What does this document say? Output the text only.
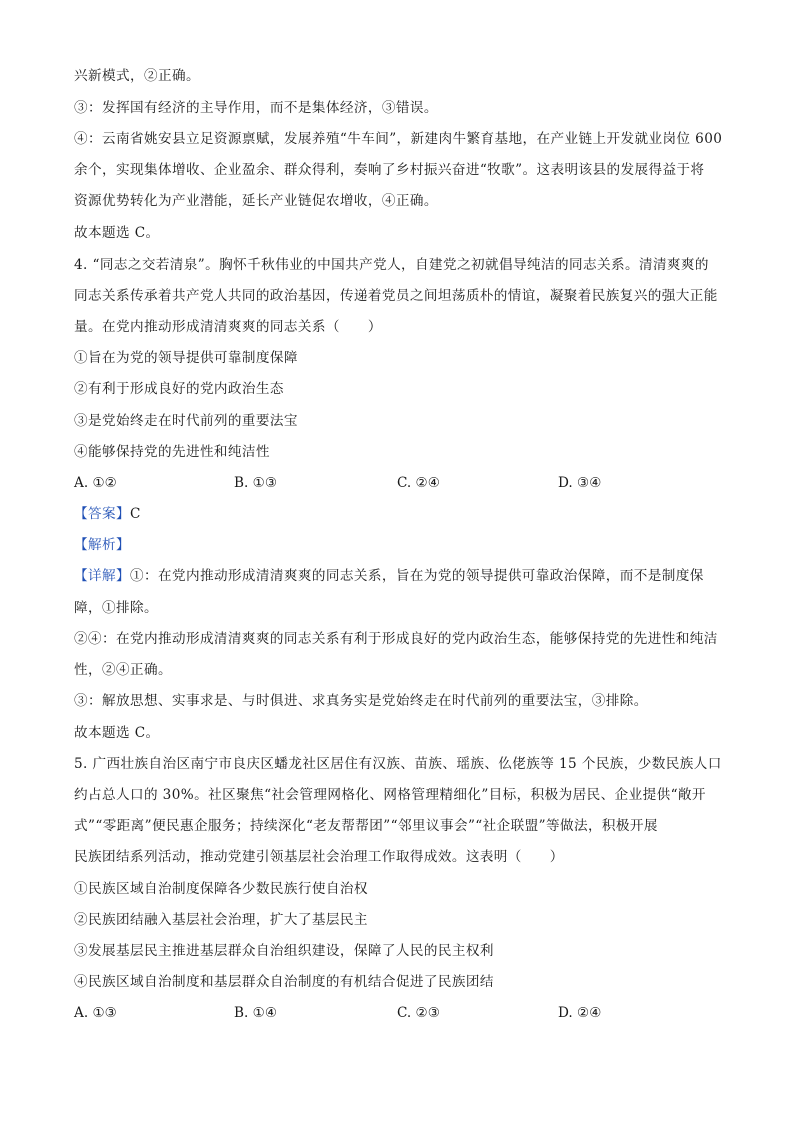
兴新模式，②正确。
③：发挥国有经济的主导作用，而不是集体经济，③错误。
④：云南省姚安县立足资源禀赋，发展养殖“牛车间”，新建肉牛繁育基地，在产业链上开发就业岗位 600
余个，实现集体增收、企业盈余、群众得利，奏响了乡村振兴奋进“牧歌”。这表明该县的发展得益于将
资源优势转化为产业潜能，延长产业链促农增收，④正确。
故本题选 C。
4. “同志之交若清泉”。胸怀千秋伟业的中国共产党人，自建党之初就倡导纯洁的同志关系。清清爽爽的
同志关系传承着共产党人共同的政治基因，传递着党员之间坦荡质朴的情谊，凝聚着民族复兴的强大正能
量。在党内推动形成清清爽爽的同志关系（　　）
①旨在为党的领导提供可靠制度保障
②有利于形成良好的党内政治生态
③是党始终走在时代前列的重要法宝
④能够保持党的先进性和纯洁性
A. ①②	B. ①③	C. ②④	D. ③④
【答案】C
【解析】
【详解】①：在党内推动形成清清爽爽的同志关系，旨在为党的领导提供可靠政治保障，而不是制度保
障，①排除。
②④：在党内推动形成清清爽爽的同志关系有利于形成良好的党内政治生态，能够保持党的先进性和纯洁
性，②④正确。
③：解放思想、实事求是、与时俱进、求真务实是党始终走在时代前列的重要法宝，③排除。
故本题选 C。
5. 广西壮族自治区南宁市良庆区蟠龙社区居住有汉族、苗族、瑶族、仫佬族等 15 个民族，少数民族人口
约占总人口的 30%。社区聚焦“社会管理网格化、网格管理精细化”目标，积极为居民、企业提供“敞开
式”“零距离”便民惠企服务；持续深化“老友帮帮团”“邻里议事会”“社企联盟”等做法，积极开展
民族团结系列活动，推动党建引领基层社会治理工作取得成效。这表明（　　）
①民族区域自治制度保障各少数民族行使自治权
②民族团结融入基层社会治理，扩大了基层民主
③发展基层民主推进基层群众自治组织建设，保障了人民的民主权利
④民族区域自治制度和基层群众自治制度的有机结合促进了民族团结
A. ①③	B. ①④	C. ②③	D. ②④
